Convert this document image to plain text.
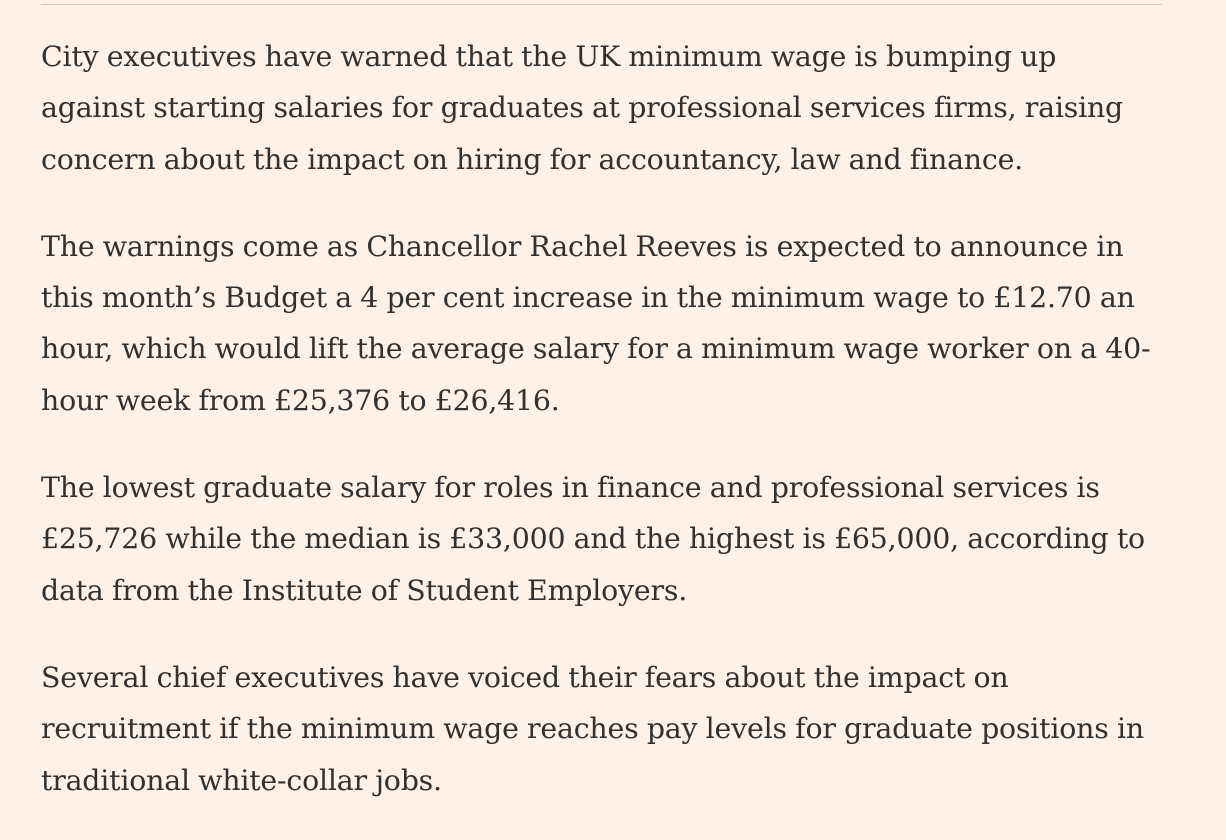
City executives have warned that the UK minimum wage is bumping up against starting salaries for graduates at professional services firms, raising concern about the impact on hiring for accountancy, law and finance.

The warnings come as Chancellor Rachel Reeves is expected to announce in this month’s Budget a 4 per cent increase in the minimum wage to £12.70 an hour, which would lift the average salary for a minimum wage worker on a 40-hour week from £25,376 to £26,416.

The lowest graduate salary for roles in finance and professional services is £25,726 while the median is £33,000 and the highest is £65,000, according to data from the Institute of Student Employers.

Several chief executives have voiced their fears about the impact on recruitment if the minimum wage reaches pay levels for graduate positions in traditional white-collar jobs.
